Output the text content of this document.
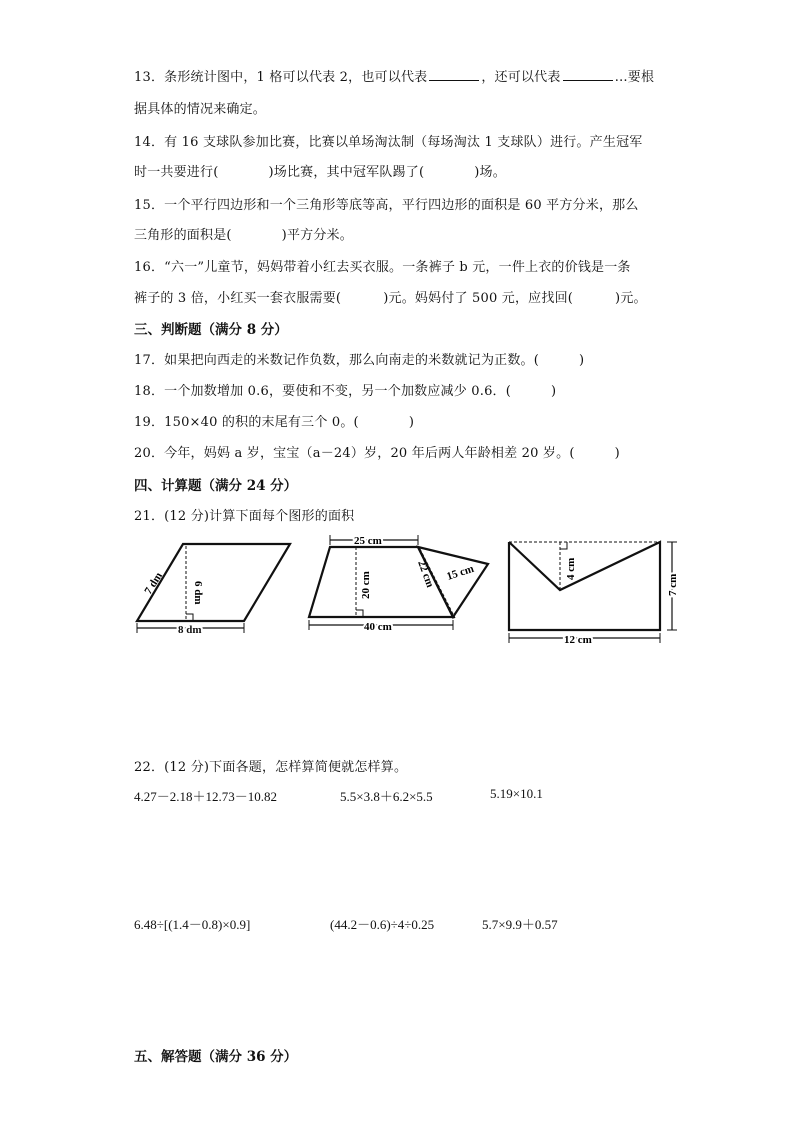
13．条形统计图中，1 格可以代表 2，也可以代表	，还可以代表	…要根
据具体的情况来确定。
14．有 16 支球队参加比赛，比赛以单场淘汰制（每场淘汰 1 支球队）进行。产生冠军
时一共要进行(	)场比赛，其中冠军队踢了(	)场。
15．一个平行四边形和一个三角形等底等高，平行四边形的面积是 60 平方分米，那么
三角形的面积是(	)平方分米。
16．“六一”儿童节，妈妈带着小红去买衣服。一条裤子 b 元，一件上衣的价钱是一条
裤子的 3 倍，小红买一套衣服需要(	)元。妈妈付了 500 元，应找回(	)元。
三、判断题（满分 8 分）
17．如果把向西走的米数记作负数，那么向南走的米数就记为正数。(	)
18．一个加数增加 0.6，要使和不变，另一个加数应减少 0.6．(	)
19．150×40 的积的末尾有三个 0。(	)
20．今年，妈妈 a 岁，宝宝（a－24）岁，20 年后两人年龄相差 20 岁。(	)
四、计算题（满分 24 分）
21．(12 分)计算下面每个图形的面积
7 dm 6 dm
8 dm
25 cm
20 cm	22 cm 15 cm
40 cm
4 cm
7 cm
12 cm
22．(12 分)下面各题，怎样算简便就怎样算。
4.27－2.18＋12.73－10.82	5.5×3.8＋6.2×5.5	5.19×10.1
6.48÷[(1.4－0.8)×0.9]	(44.2－0.6)÷4÷0.25	5.7×9.9＋0.57
五、解答题（满分 36 分）
